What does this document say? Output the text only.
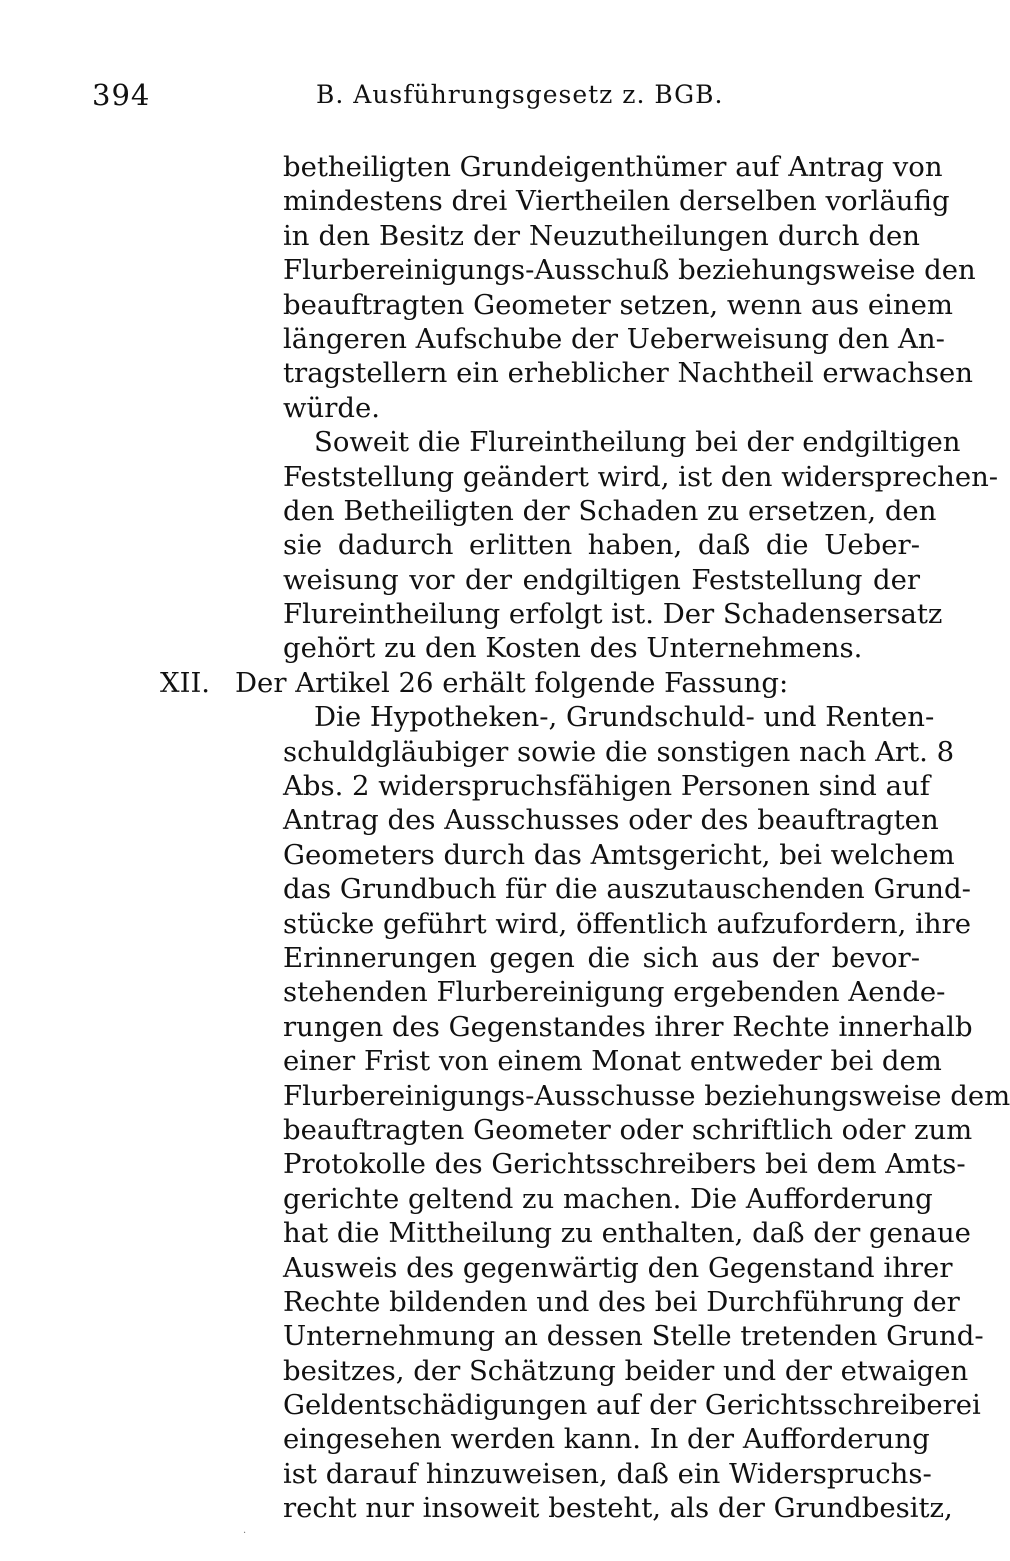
394	B. Ausführungsgesetz z. BGB.
betheiligten Grundeigenthümer auf Antrag von
mindestens drei Viertheilen derselben vorläufig
in den Besitz der Neuzutheilungen durch den
Flurbereinigungs-Ausschuß beziehungsweise den
beauftragten Geometer setzen, wenn aus einem
längeren Aufschube der Ueberweisung den An-
tragstellern ein erheblicher Nachtheil erwachsen
würde.
Soweit die Flureintheilung bei der endgiltigen
Feststellung geändert wird, ist den widersprechen-
den Betheiligten der Schaden zu ersetzen, den
sie dadurch erlitten haben, daß die Ueber-
weisung vor der endgiltigen Feststellung der
Flureintheilung erfolgt ist. Der Schadensersatz
gehört zu den Kosten des Unternehmens.
XII. Der Artikel 26 erhält folgende Fassung:
Die Hypotheken-, Grundschuld- und Renten-
schuldgläubiger sowie die sonstigen nach Art. 8
Abs. 2 widerspruchsfähigen Personen sind auf
Antrag des Ausschusses oder des beauftragten
Geometers durch das Amtsgericht, bei welchem
das Grundbuch für die auszutauschenden Grund-
stücke geführt wird, öffentlich aufzufordern, ihre
Erinnerungen gegen die sich aus der bevor-
stehenden Flurbereinigung ergebenden Aende-
rungen des Gegenstandes ihrer Rechte innerhalb
einer Frist von einem Monat entweder bei dem
Flurbereinigungs-Ausschusse beziehungsweise dem
beauftragten Geometer oder schriftlich oder zum
Protokolle des Gerichtsschreibers bei dem Amts-
gerichte geltend zu machen. Die Aufforderung
hat die Mittheilung zu enthalten, daß der genaue
Ausweis des gegenwärtig den Gegenstand ihrer
Rechte bildenden und des bei Durchführung der
Unternehmung an dessen Stelle tretenden Grund-
besitzes, der Schätzung beider und der etwaigen
Geldentschädigungen auf der Gerichtsschreiberei
eingesehen werden kann. In der Aufforderung
ist darauf hinzuweisen, daß ein Widerspruchs-
recht nur insoweit besteht, als der Grundbesitz,
·
